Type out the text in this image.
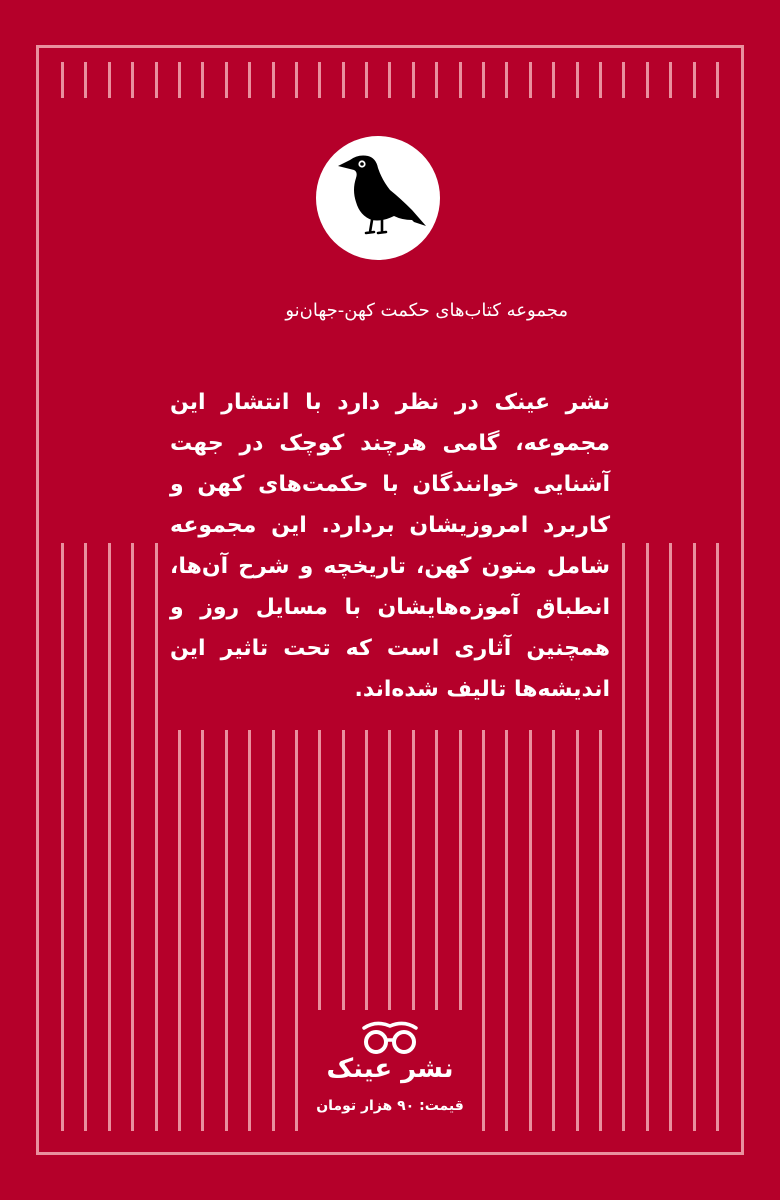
مجموعه کتاب‌های حکمت کهن-جهان‌نو
نشر عینک در نظر دارد با انتشار این مجموعه، گامی هرچند کوچک در جهت آشنایی خوانندگان با حکمت‌های کهن و کاربرد امروزیشان بردارد. این مجموعه شامل متون کهن، تاریخچه و شرح آن‌ها، انطباق آموزه‌هایشان با مسایل روز و همچنین آثاری است که تحت تاثیر این اندیشه‌ها تالیف شده‌اند.
نشر عینک
قیمت: ۹۰ هزار تومان
